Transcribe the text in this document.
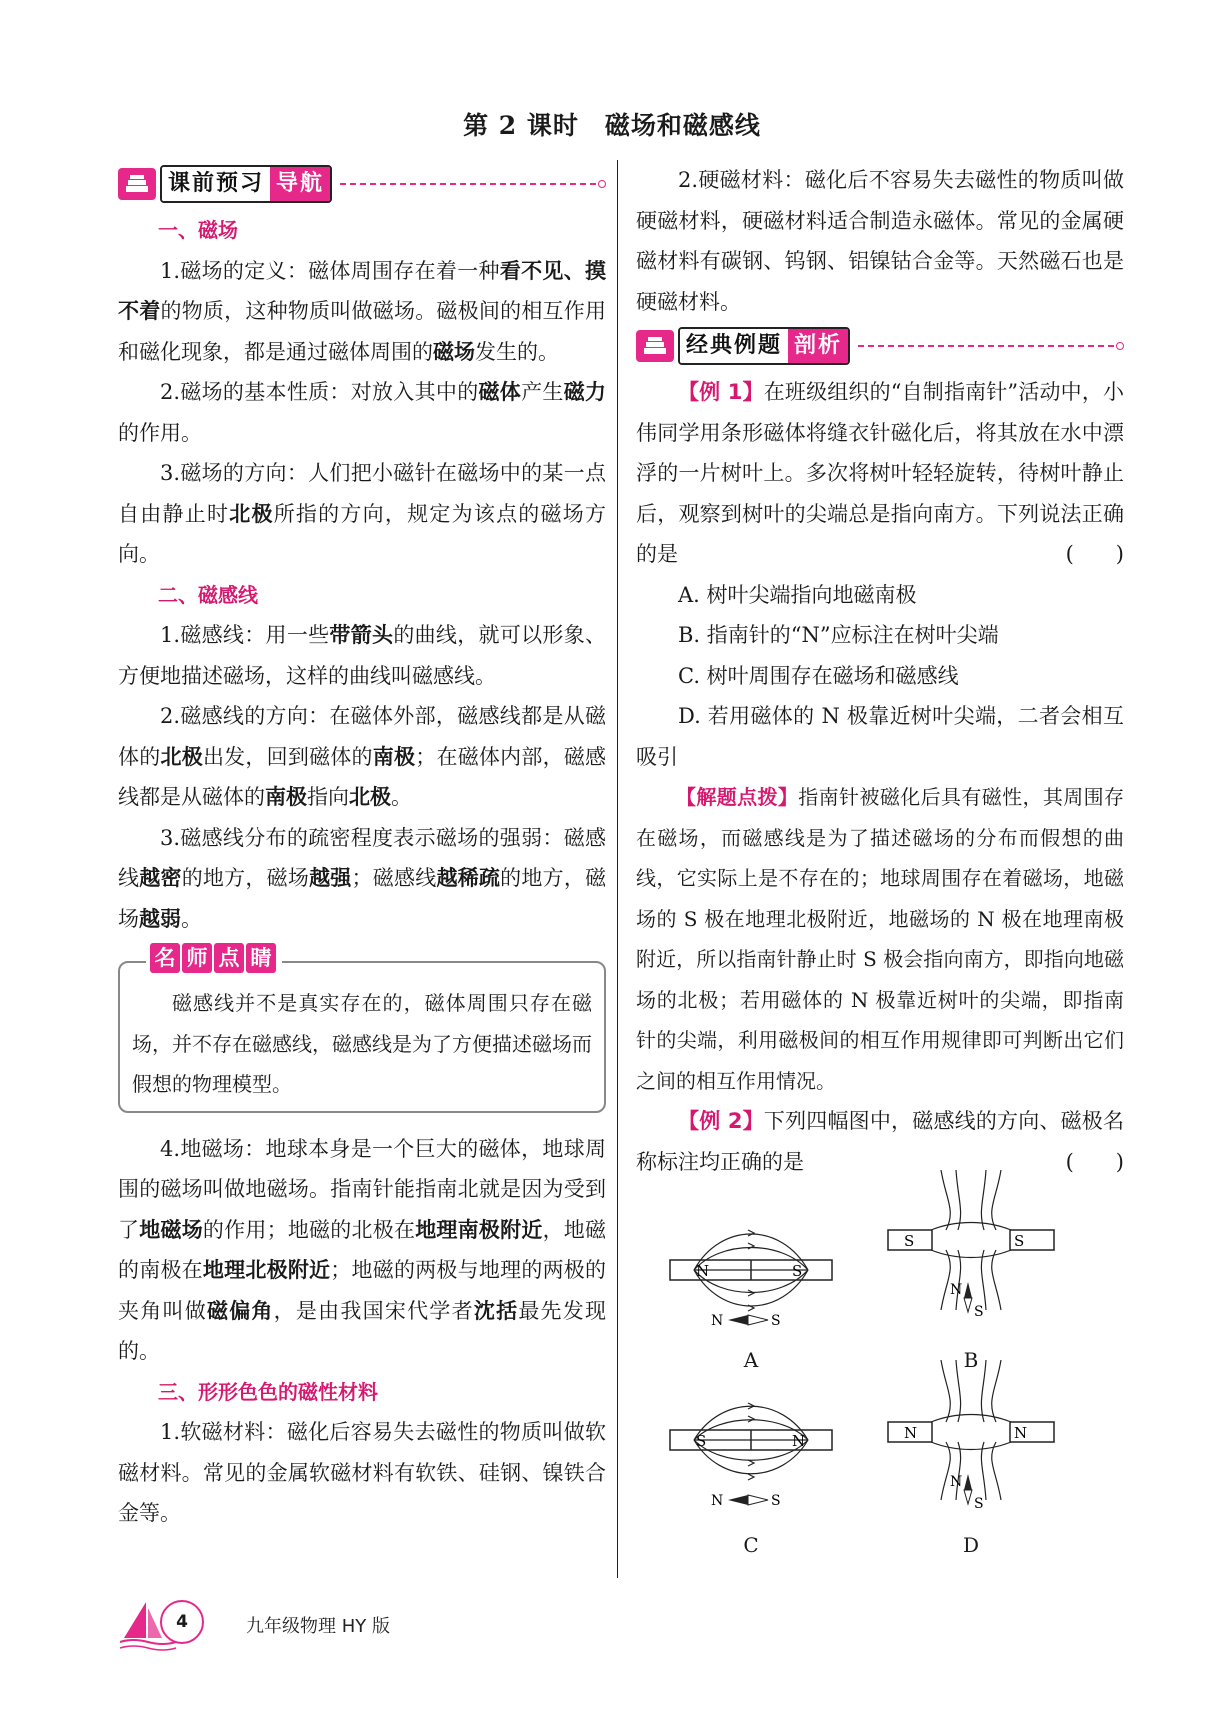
第 2 课时　磁场和磁感线
课前预习 导航

一、磁场

1.磁场的定义：磁体周围存在着一种看不见、摸不着的物质，这种物质叫做磁场。磁极间的相互作用和磁化现象，都是通过磁体周围的磁场发生的。

2.磁场的基本性质：对放入其中的磁体产生磁力的作用。

3.磁场的方向：人们把小磁针在磁场中的某一点自由静止时北极所指的方向，规定为该点的磁场方向。

二、磁感线

1.磁感线：用一些带箭头的曲线，就可以形象、方便地描述磁场，这样的曲线叫磁感线。

2.磁感线的方向：在磁体外部，磁感线都是从磁体的北极出发，回到磁体的南极；在磁体内部，磁感线都是从磁体的南极指向北极。

3.磁感线分布的疏密程度表示磁场的强弱：磁感线越密的地方，磁场越强；磁感线越稀疏的地方，磁场越弱。

名 师 点 睛

磁感线并不是真实存在的，磁体周围只存在磁场，并不存在磁感线，磁感线是为了方便描述磁场而假想的物理模型。

4.地磁场：地球本身是一个巨大的磁体，地球周围的磁场叫做地磁场。指南针能指南北就是因为受到了地磁场的作用；地磁的北极在地理南极附近，地磁的南极在地理北极附近；地磁的两极与地理的两极的夹角叫做磁偏角，是由我国宋代学者沈括最先发现的。

三、形形色色的磁性材料

1.软磁材料：磁化后容易失去磁性的物质叫做软磁材料。常见的金属软磁材料有软铁、硅钢、镍铁合金等。

2.硬磁材料：磁化后不容易失去磁性的物质叫做硬磁材料，硬磁材料适合制造永磁体。常见的金属硬磁材料有碳钢、钨钢、铝镍钴合金等。天然磁石也是硬磁材料。

经典例题 剖析

【例 1】在班级组织的“自制指南针”活动中，小伟同学用条形磁体将缝衣针磁化后，将其放在水中漂浮的一片树叶上。多次将树叶轻轻旋转，待树叶静止后，观察到树叶的尖端总是指向南方。下列说法正确的是	(　　)

A. 树叶尖端指向地磁南极

B. 指南针的“N”应标注在树叶尖端

C. 树叶周围存在磁场和磁感线

D. 若用磁体的 N 极靠近树叶尖端，二者会相互吸引

【解题点拨】指南针被磁化后具有磁性，其周围存在磁场，而磁感线是为了描述磁场的分布而假想的曲线，它实际上是不存在的；地球周围存在着磁场，地磁场的 S 极在地理北极附近，地磁场的 N 极在地理南极附近，所以指南针静止时 S 极会指向南方，即指向地磁场的北极；若用磁体的 N 极靠近树叶的尖端，即指南针的尖端，利用磁极间的相互作用规律即可判断出它们之间的相互作用情况。

【例 2】下列四幅图中，磁感线的方向、磁极名称标注均正确的是	(　　)

N	S
N	S
A
S	S
N
S
B
S	N
N	S
C
N	N
N
S
D
4	九年级物理 HY 版
